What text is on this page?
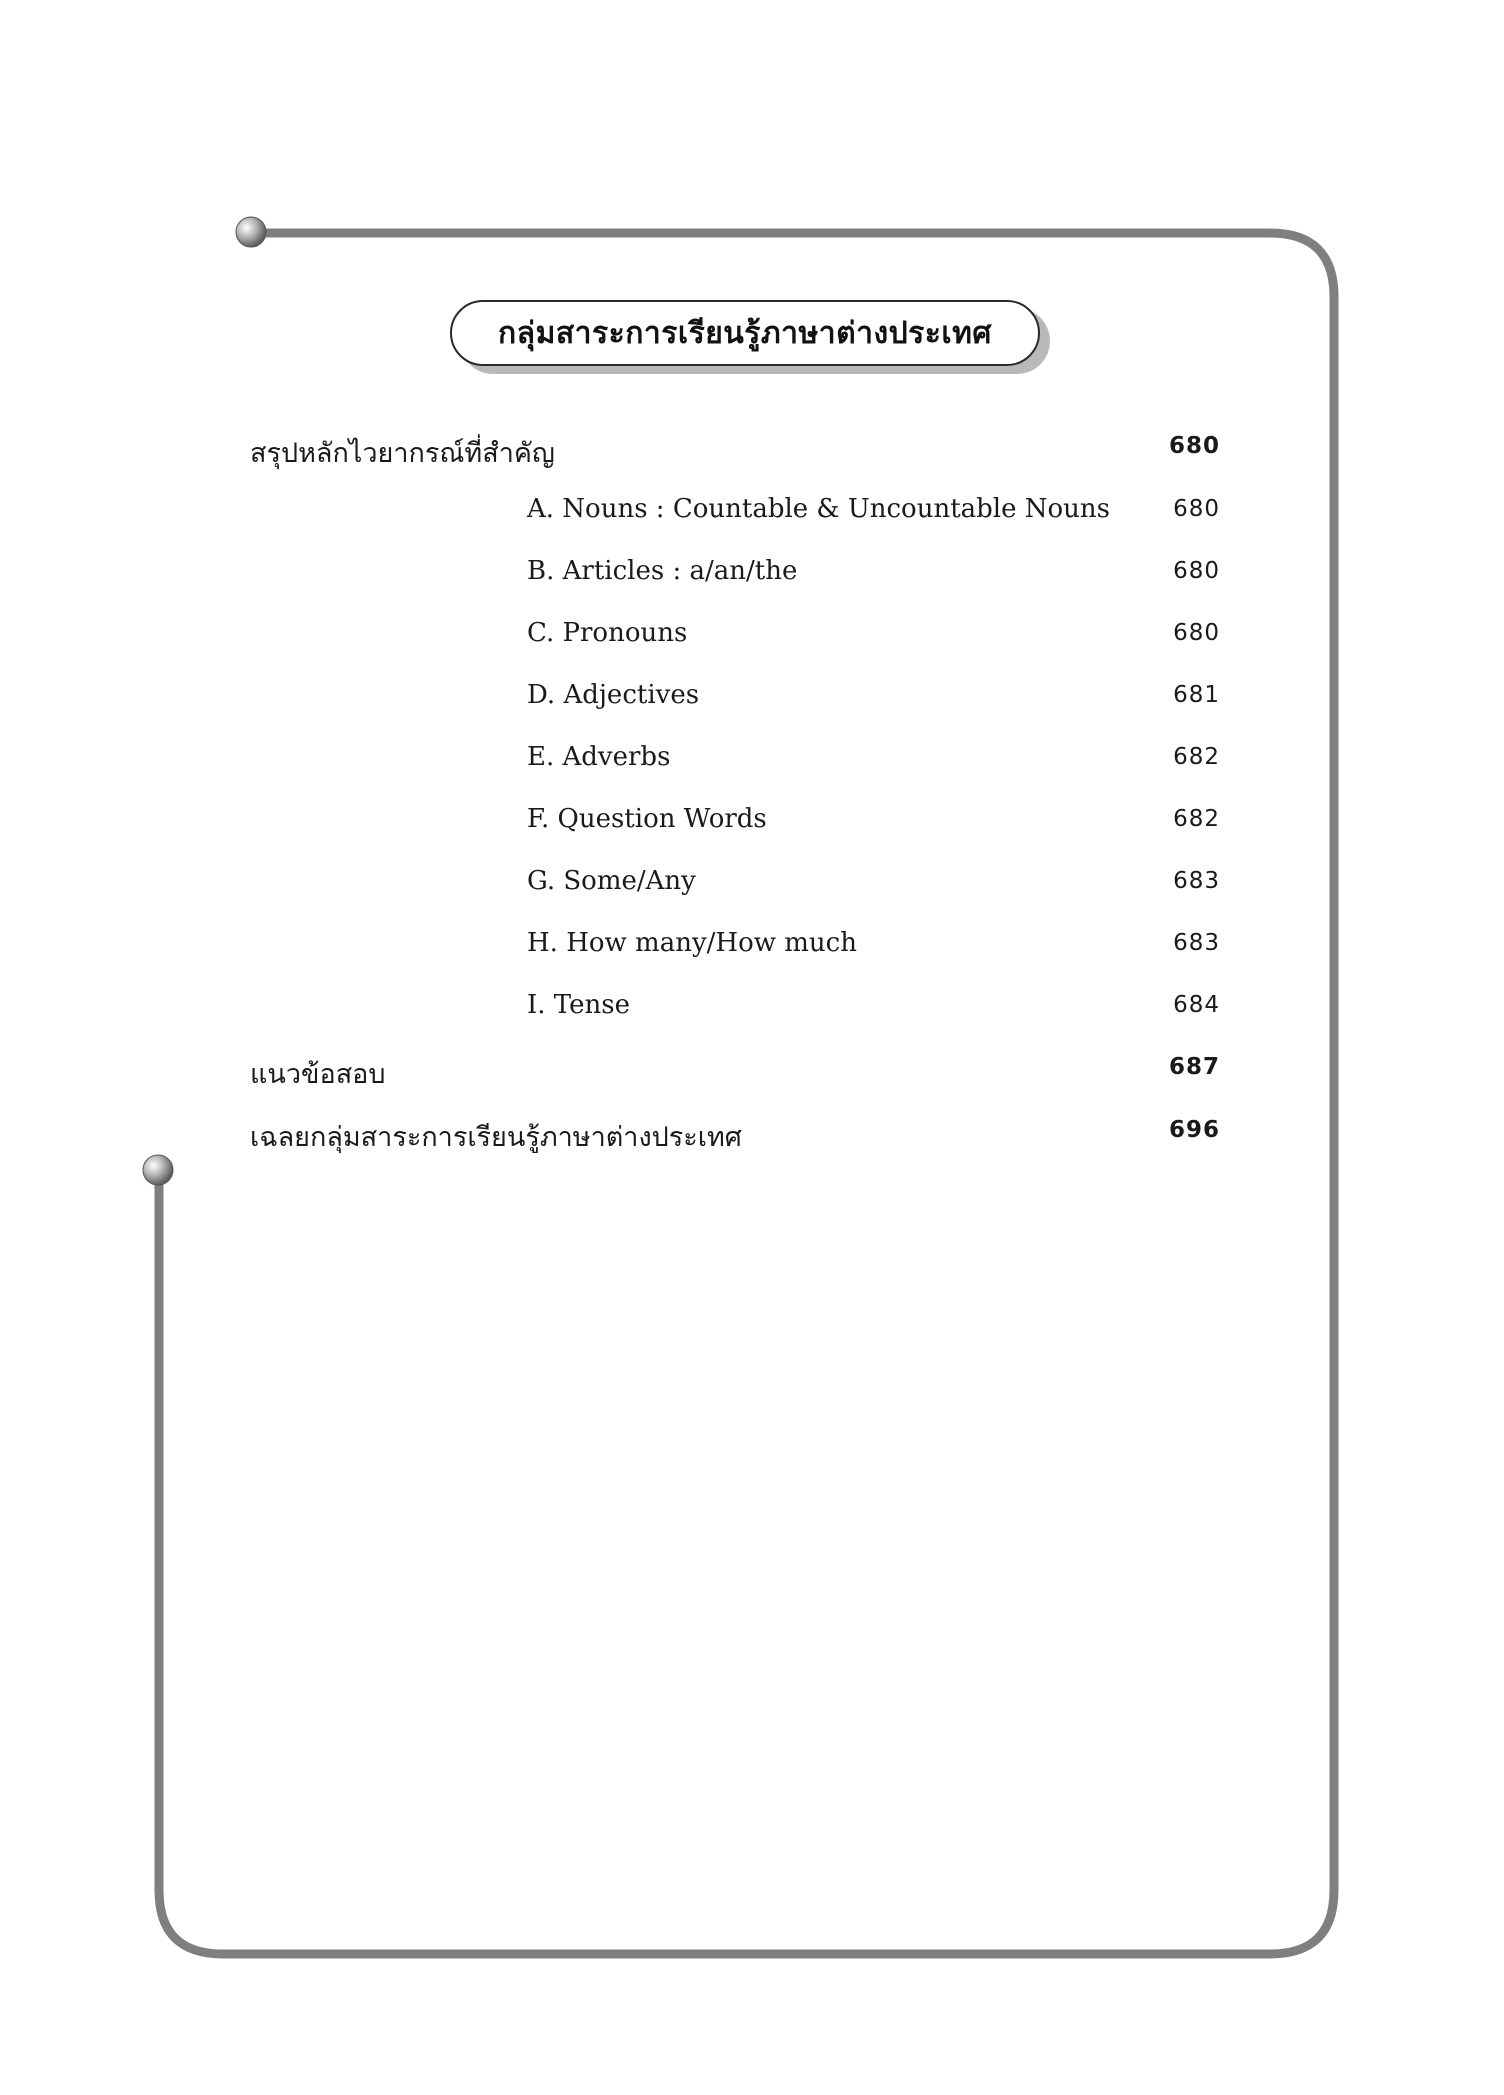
กลุ่มสาระการเรียนรู้ภาษาต่างประเทศ
สรุปหลักไวยากรณ์ที่สำคัญ	680
A. Nouns : Countable & Uncountable Nouns	680
B. Articles : a/an/the	680
C. Pronouns	680
D. Adjectives	681
E. Adverbs	682
F. Question Words	682
G. Some/Any	683
H. How many/How much	683
I. Tense	684
แนวข้อสอบ	687
เฉลยกลุ่มสาระการเรียนรู้ภาษาต่างประเทศ	696
